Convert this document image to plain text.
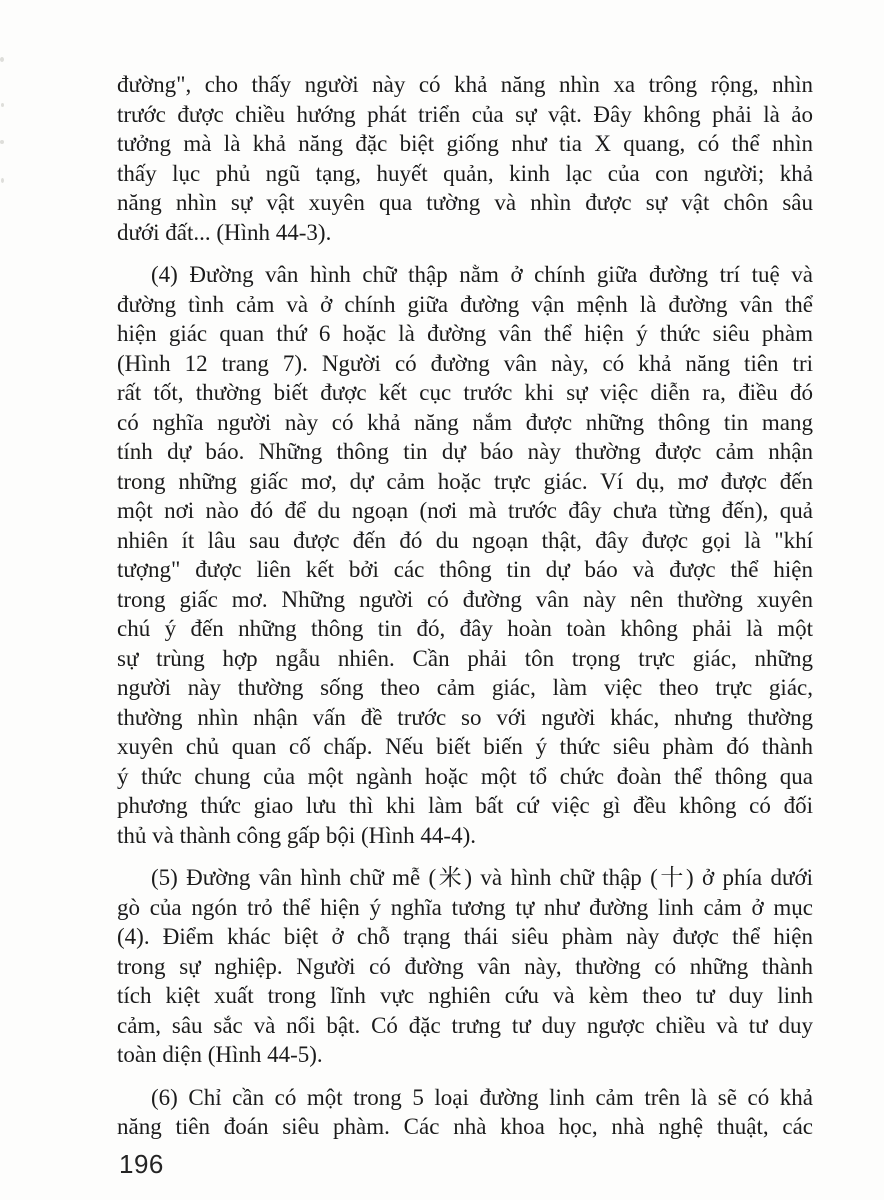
đường", cho thấy người này có khả năng nhìn xa trông rộng, nhìn
trước được chiều hướng phát triển của sự vật. Đây không phải là ảo
tưởng mà là khả năng đặc biệt giống như tia X quang, có thể nhìn
thấy lục phủ ngũ tạng, huyết quản, kinh lạc của con người; khả
năng nhìn sự vật xuyên qua tường và nhìn được sự vật chôn sâu
dưới đất... (Hình 44-3).
(4) Đường vân hình chữ thập nằm ở chính giữa đường trí tuệ và
đường tình cảm và ở chính giữa đường vận mệnh là đường vân thể
hiện giác quan thứ 6 hoặc là đường vân thể hiện ý thức siêu phàm
(Hình 12 trang 7). Người có đường vân này, có khả năng tiên tri
rất tốt, thường biết được kết cục trước khi sự việc diễn ra, điều đó
có nghĩa người này có khả năng nắm được những thông tin mang
tính dự báo. Những thông tin dự báo này thường được cảm nhận
trong những giấc mơ, dự cảm hoặc trực giác. Ví dụ, mơ được đến
một nơi nào đó để du ngoạn (nơi mà trước đây chưa từng đến), quả
nhiên ít lâu sau được đến đó du ngoạn thật, đây được gọi là "khí
tượng" được liên kết bởi các thông tin dự báo và được thể hiện
trong giấc mơ. Những người có đường vân này nên thường xuyên
chú ý đến những thông tin đó, đây hoàn toàn không phải là một
sự trùng hợp ngẫu nhiên. Cần phải tôn trọng trực giác, những
người này thường sống theo cảm giác, làm việc theo trực giác,
thường nhìn nhận vấn đề trước so với người khác, nhưng thường
xuyên chủ quan cố chấp. Nếu biết biến ý thức siêu phàm đó thành
ý thức chung của một ngành hoặc một tổ chức đoàn thể thông qua
phương thức giao lưu thì khi làm bất cứ việc gì đều không có đối
thủ và thành công gấp bội (Hình 44-4).
(5) Đường vân hình chữ mễ (米) và hình chữ thập (十) ở phía dưới
gò của ngón trỏ thể hiện ý nghĩa tương tự như đường linh cảm ở mục
(4). Điểm khác biệt ở chỗ trạng thái siêu phàm này được thể hiện
trong sự nghiệp. Người có đường vân này, thường có những thành
tích kiệt xuất trong lĩnh vực nghiên cứu và kèm theo tư duy linh
cảm, sâu sắc và nổi bật. Có đặc trưng tư duy ngược chiều và tư duy
toàn diện (Hình 44-5).
(6) Chỉ cần có một trong 5 loại đường linh cảm trên là sẽ có khả
năng tiên đoán siêu phàm. Các nhà khoa học, nhà nghệ thuật, các
196
